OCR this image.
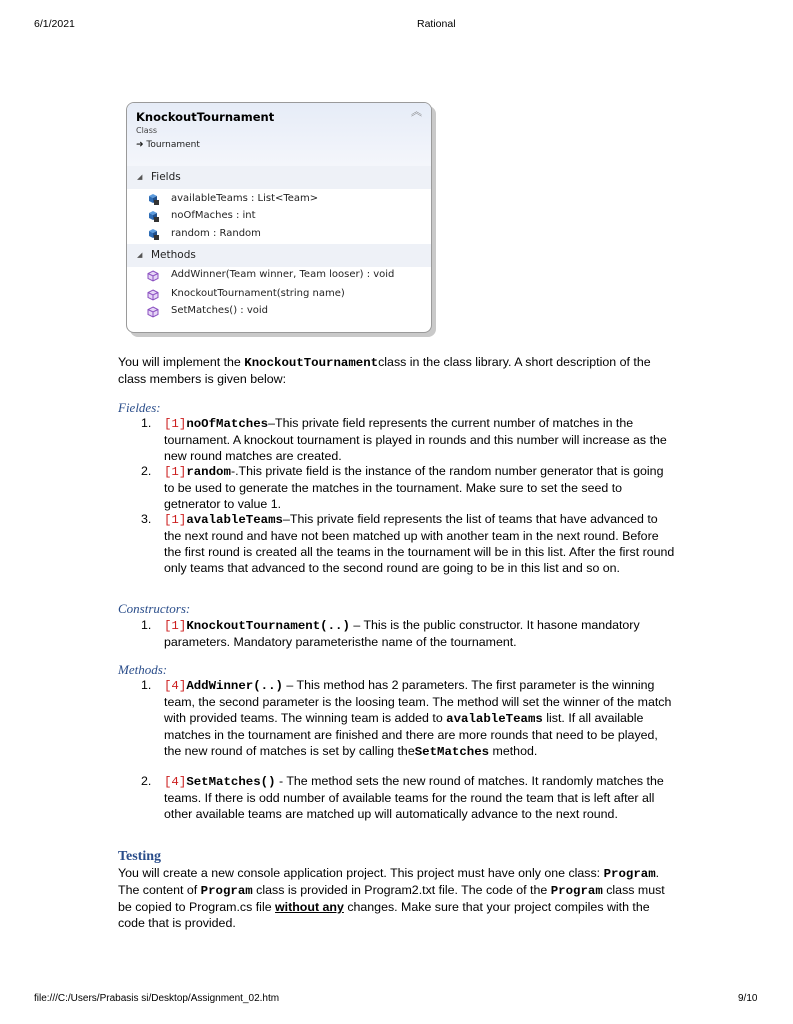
6/1/2021	Rational
KnockoutTournament
Class
➜ Tournament
︽
◢ Fields
availableTeams : List<Team>
noOfMaches : int
random : Random
◢ Methods
AddWinner(Team winner, Team looser) : void
KnockoutTournament(string name)
SetMatches() : void

You will implement the KnockoutTournamentclass in the class library. A short description of the class members is given below:

Fieldes:
1. [1]noOfMatches–This private field represents the current number of matches in the tournament. A knockout tournament is played in rounds and this number will increase as the new round matches are created.

2. [1]random-.This private field is the instance of the random number generator that is going to be used to generate the matches in the tournament. Make sure to set the seed to getnerator to value 1.

3. [1]avalableTeams–This private field represents the list of teams that have advanced to the next round and have not been matched up with another team in the next round. Before the first round is created all the teams in the tournament will be in this list. After the first round only teams that advanced to the second round are going to be in this list and so on.

Constructors:
1. [1]KnockoutTournament(..) – This is the public constructor. It hasone mandatory parameters. Mandatory parameteristhe name of the tournament.

Methods:
1. [4]AddWinner(..) – This method has 2 parameters. The first parameter is the winning team, the second parameter is the loosing team. The method will set the winner of the match with provided teams. The winning team is added to avalableTeams list. If all available matches in the tournament are finished and there are more rounds that need to be played, the new round of matches is set by calling theSetMatches method.

2. [4]SetMatches() - The method sets the new round of matches. It randomly matches the teams. If there is odd number of available teams for the round the team that is left after all other available teams are matched up will automatically advance to the next round.

Testing

You will create a new console application project. This project must have only one class: Program. The content of Program class is provided in Program2.txt file. The code of the Program class must be copied to Program.cs file without any changes. Make sure that your project compiles with the code that is provided.

file:///C:/Users/Prabasis si/Desktop/Assignment_02.htm	9/10
